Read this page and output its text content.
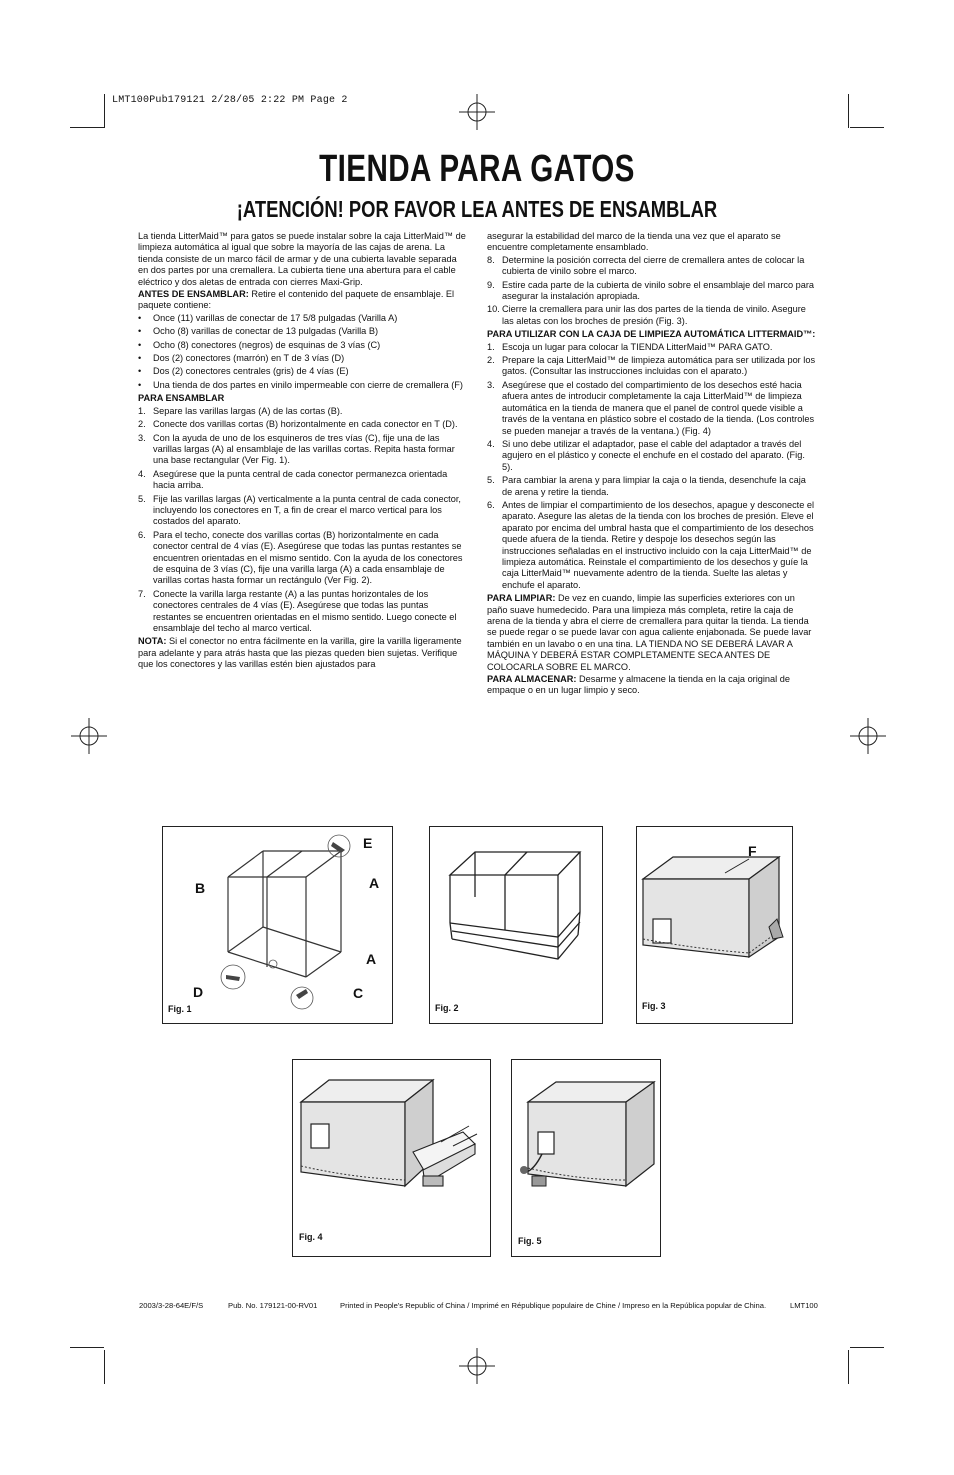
LMT100Pub179121 2/28/05 2:22 PM Page 2
TIENDA PARA GATOS
¡ATENCIÓN! POR FAVOR LEA ANTES DE ENSAMBLAR

La tienda LitterMaid™ para gatos se puede instalar sobre la caja LitterMaid™ de limpieza automática al igual que sobre la mayoría de las cajas de arena. La tienda consiste de un marco fácil de armar y de una cubierta lavable separada en dos partes por una cremallera. La cubierta tiene una abertura para el cable eléctrico y dos aletas de entrada con cierres Maxi-Grip.

ANTES DE ENSAMBLAR: Retire el contenido del paquete de ensamblaje. El paquete contiene:

• Once (11) varillas de conectar de 17 5/8 pulgadas (Varilla A)
• Ocho (8) varillas de conectar de 13 pulgadas (Varilla B)
• Ocho (8) conectores (negros) de esquinas de 3 vías (C)
• Dos (2) conectores (marrón) en T de 3 vías (D)
• Dos (2) conectores centrales (gris) de 4 vías (E)
• Una tienda de dos partes en vinilo impermeable con cierre de cremallera (F)

PARA ENSAMBLAR

1. Separe las varillas largas (A) de las cortas (B).
2. Conecte dos varillas cortas (B) horizontalmente en cada conector en T (D).
3. Con la ayuda de uno de los esquineros de tres vías (C), fije una de las varillas largas (A) al ensamblaje de las varillas cortas. Repita hasta formar una base rectangular (Ver Fig. 1).
4. Asegúrese que la punta central de cada conector permanezca orientada hacia arriba.
5. Fije las varillas largas (A) verticalmente a la punta central de cada conector, incluyendo los conectores en T, a fin de crear el marco vertical para los costados del aparato.
6. Para el techo, conecte dos varillas cortas (B) horizontalmente en cada conector central de 4 vías (E). Asegúrese que todas las puntas restantes se encuentren orientadas en el mismo sentido. Con la ayuda de los conectores de esquina de 3 vías (C), fije una varilla larga (A) a cada ensamblaje de varillas cortas hasta formar un rectángulo (Ver Fig. 2).
7. Conecte la varilla larga restante (A) a las puntas horizontales de los conectores centrales de 4 vías (E). Asegúrese que todas las puntas restantes se encuentren orientadas en el mismo sentido. Luego conecte el ensamblaje del techo al marco vertical.

NOTA: Si el conector no entra fácilmente en la varilla, gire la varilla ligeramente para adelante y para atrás hasta que las piezas queden bien sujetas. Verifique que los conectores y las varillas estén bien ajustados para

asegurar la estabilidad del marco de la tienda una vez que el aparato se encuentre completamente ensamblado.

8. Determine la posición correcta del cierre de cremallera antes de colocar la cubierta de vinilo sobre el marco.
9. Estire cada parte de la cubierta de vinilo sobre el ensamblaje del marco para asegurar la instalación apropiada.
10. Cierre la cremallera para unir las dos partes de la tienda de vinilo. Asegure las aletas con los broches de presión (Fig. 3).

PARA UTILIZAR CON LA CAJA DE LIMPIEZA AUTOMÁTICA LITTERMAID™:

1. Escoja un lugar para colocar la TIENDA LitterMaid™ PARA GATO.
2. Prepare la caja LitterMaid™ de limpieza automática para ser utilizada por los gatos. (Consultar las instrucciones incluidas con el aparato.)
3. Asegúrese que el costado del compartimiento de los desechos esté hacia afuera antes de introducir completamente la caja LitterMaid™ de limpieza automática en la tienda de manera que el panel de control quede visible a través de la ventana en plástico sobre el costado de la tienda. (Los controles se pueden manejar a través de la ventana.) (Fig. 4)
4. Si uno debe utilizar el adaptador, pase el cable del adaptador a través del agujero en el plástico y conecte el enchufe en el costado del aparato. (Fig. 5).
5. Para cambiar la arena y para limpiar la caja o la tienda, desenchufe la caja de arena y retire la tienda.
6. Antes de limpiar el compartimiento de los desechos, apague y desconecte el aparato. Asegure las aletas de la tienda con los broches de presión. Eleve el aparato por encima del umbral hasta que el compartimiento de los desechos quede afuera de la tienda. Retire y despoje los desechos según las instrucciones señaladas en el instructivo incluido con la caja LitterMaid™ de limpieza automática. Reinstale el compartimiento de los desechos y guíe la caja LitterMaid™ nuevamente adentro de la tienda. Suelte las aletas y enchufe el aparato.

PARA LIMPIAR: De vez en cuando, limpie las superficies exteriores con un paño suave humedecido. Para una limpieza más completa, retire la caja de arena de la tienda y abra el cierre de cremallera para quitar la tienda. La tienda se puede regar o se puede lavar con agua caliente enjabonada. Se puede lavar también en un lavabo o en una tina. LA TIENDA NO SE DEBERÁ LAVAR A MÁQUINA Y DEBERÁ ESTAR COMPLETAMENTE SECA ANTES DE COLOCARLA SOBRE EL MARCO.

PARA ALMACENAR: Desarme y almacene la tienda en la caja original de empaque o en un lugar limpio y seco.

E
A
B
A
D	C
Fig. 1	Fig. 2
F
Fig. 3
Fig. 4	Fig. 5
2003/3-28-64E/F/S	Pub. No. 179121-00-RV01	Printed in People's Republic of China / Imprimé en République populaire de Chine / Impreso en la República popular de China.	LMT100
